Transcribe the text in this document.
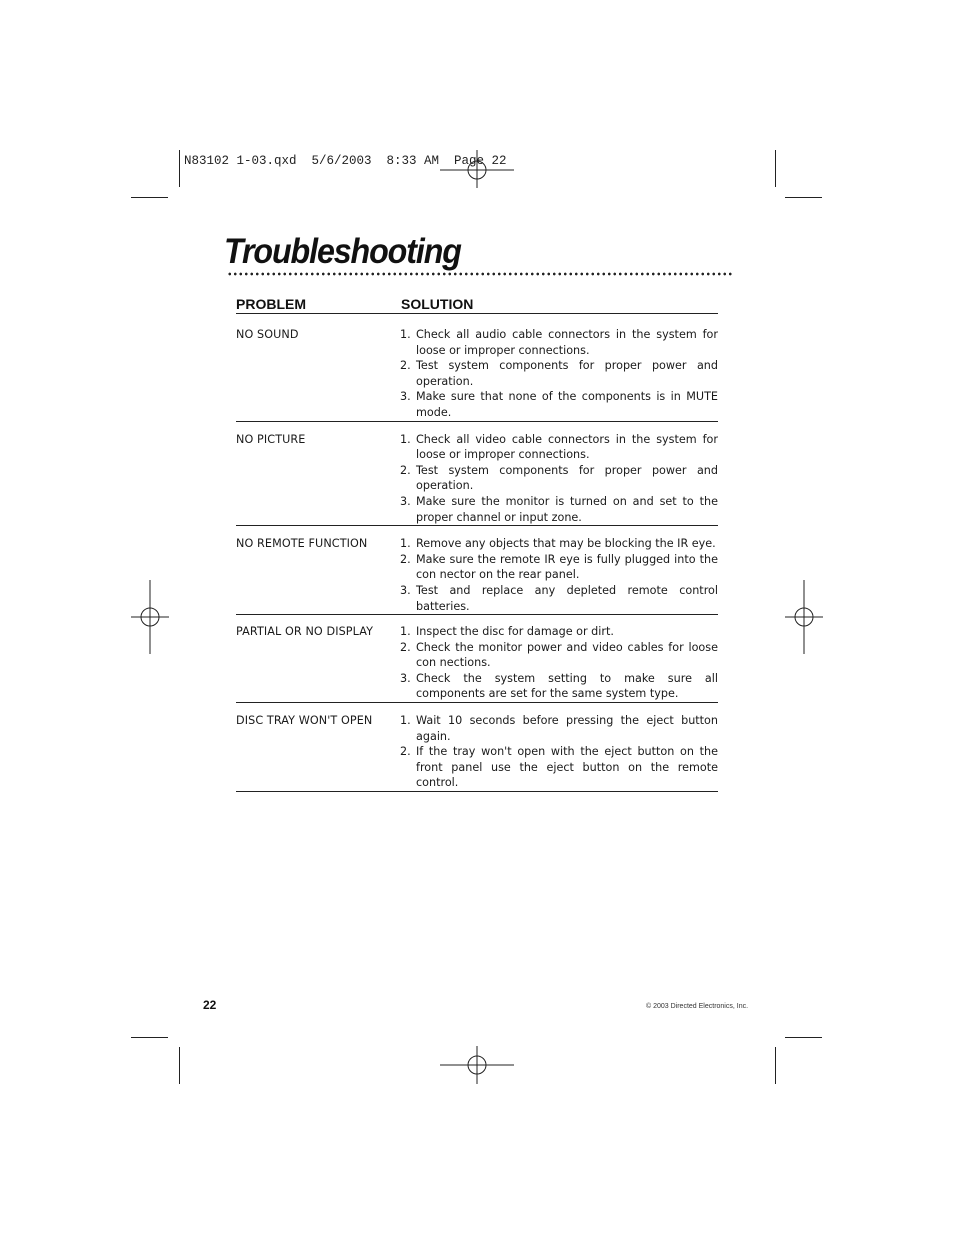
N83102 1-03.qxd  5/6/2003  8:33 AM  Page 22
Troubleshooting
PROBLEM	SOLUTION
NO SOUND	1. Check all audio cable connectors in the system for loose or improper connections.
2. Test system components for proper power and operation.
3. Make sure that none of the components is in MUTE mode.
NO PICTURE	1. Check all video cable connectors in the system for loose or improper connections.
2. Test system components for proper power and operation.
3. Make sure the monitor is turned on and set to the proper channel or input zone.
NO REMOTE FUNCTION	1. Remove any objects that may be blocking the IR eye.
2. Make sure the remote IR eye is fully plugged into the con nector on the rear panel.
3. Test and replace any depleted remote control batteries.
PARTIAL OR NO DISPLAY 1. Inspect the disc for damage or dirt.
2. Check the monitor power and video cables for loose con nections.
3. Check the system setting to make sure all components are set for the same system type.
DISC TRAY WON'T OPEN 1. Wait 10 seconds before pressing the eject button again.
2. If the tray won't open with the eject button on the front panel use the eject button on the remote control.
22	© 2003 Directed Electronics, Inc.
